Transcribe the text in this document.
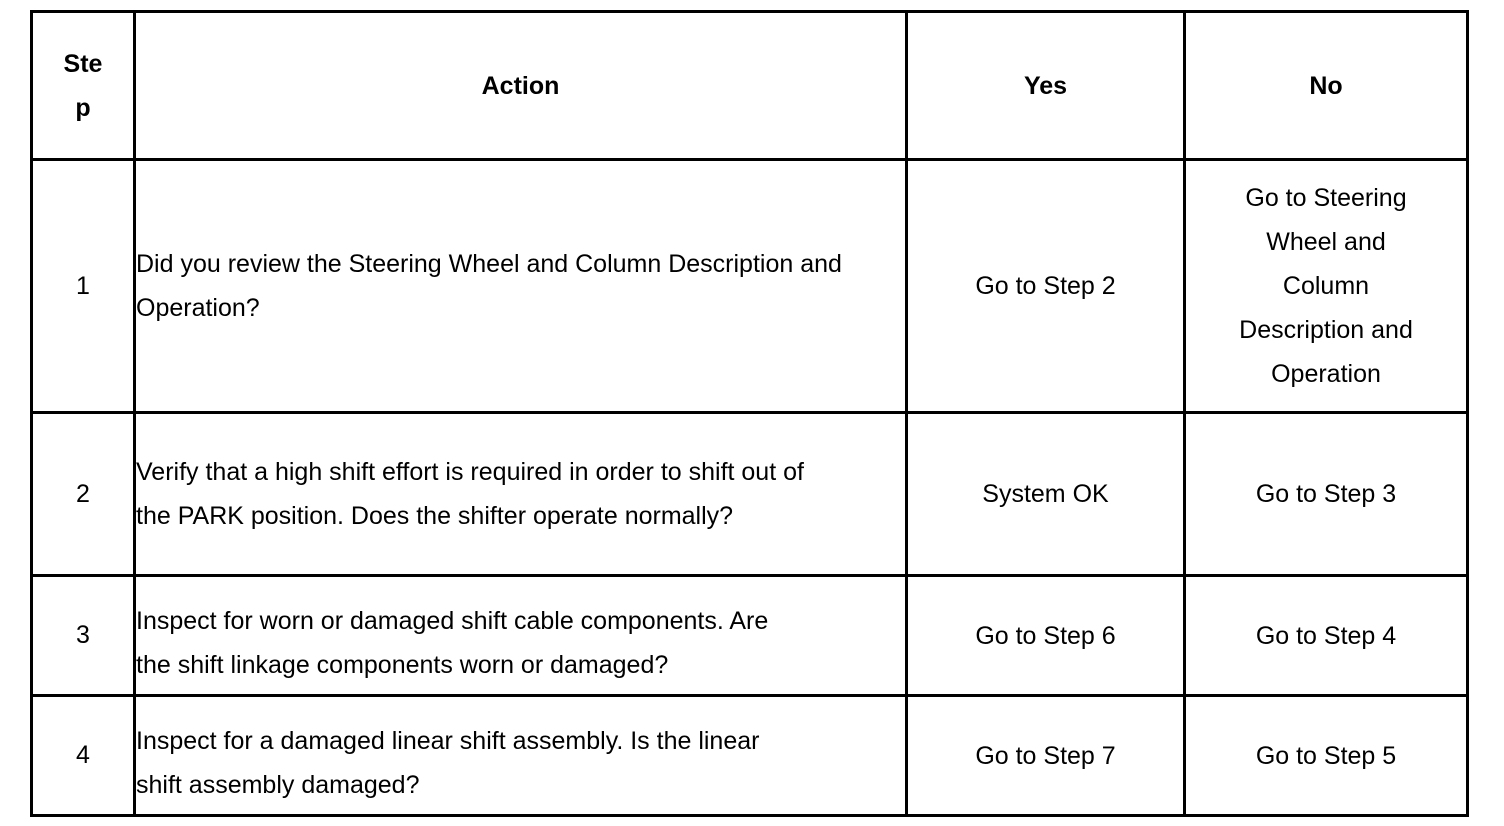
Step	Action	Yes	No
1	Did you review the Steering Wheel and Column Description and Operation?	Go to Step 2	Go to Steering Wheel and Column Description and Operation
2	Verify that a high shift effort is required in order to shift out of the PARK position. Does the shifter operate normally?	System OK	Go to Step 3
3	Inspect for worn or damaged shift cable components. Are the shift linkage components worn or damaged?	Go to Step 6	Go to Step 4
4	Inspect for a damaged linear shift assembly. Is the linear shift assembly damaged?	Go to Step 7	Go to Step 5
